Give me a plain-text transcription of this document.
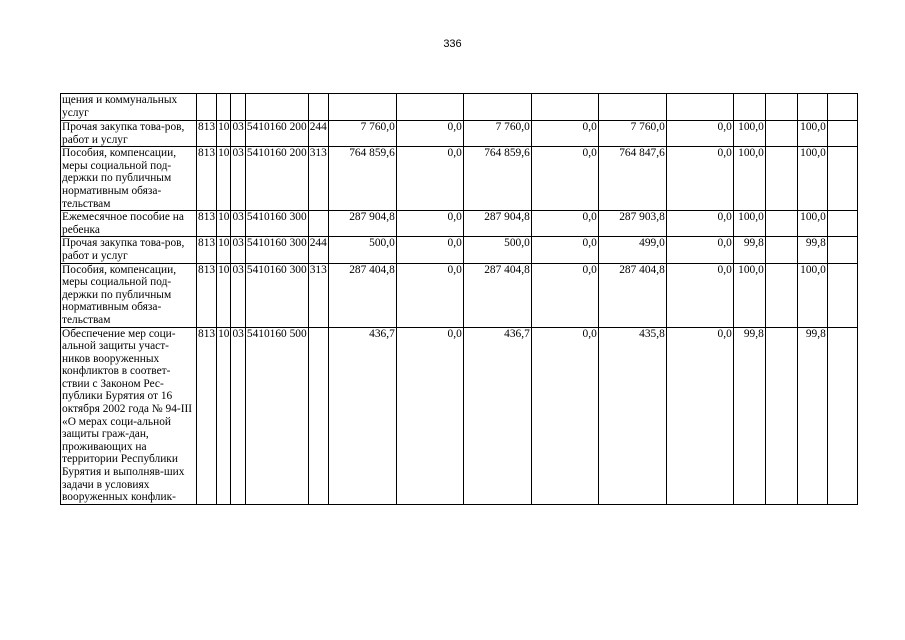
336
щения и коммунальных услуг															
Прочая закупка това-ров, работ и услуг	813	10	03	5410160 200	244	7 760,0	0,0	7 760,0	0,0	7 760,0	0,0	100,0		100,0	
Пособия, компенсации, меры социальной под-держки по публичным нормативным обяза-тельствам	813	10	03	5410160 200	313	764 859,6	0,0	764 859,6	0,0	764 847,6	0,0	100,0		100,0	
Ежемесячное пособие на ребенка	813	10	03	5410160 300		287 904,8	0,0	287 904,8	0,0	287 903,8	0,0	100,0		100,0	
Прочая закупка това-ров, работ и услуг	813	10	03	5410160 300	244	500,0	0,0	500,0	0,0	499,0	0,0	99,8		99,8	
Пособия, компенсации, меры социальной под-держки по публичным нормативным обяза-тельствам	813	10	03	5410160 300	313	287 404,8	0,0	287 404,8	0,0	287 404,8	0,0	100,0		100,0	
Обеспечение мер соци-альной защиты участ-ников вооруженных конфликтов в соответ-ствии с Законом Рес-публики Бурятия от 16 октября 2002 года № 94-III «О мерах соци-альной защиты граж-дан, проживающих на территории Республики Бурятия и выполняв-ших задачи в условиях вооруженных конфлик-	813	10	03	5410160 500		436,7	0,0	436,7	0,0	435,8	0,0	99,8		99,8	
